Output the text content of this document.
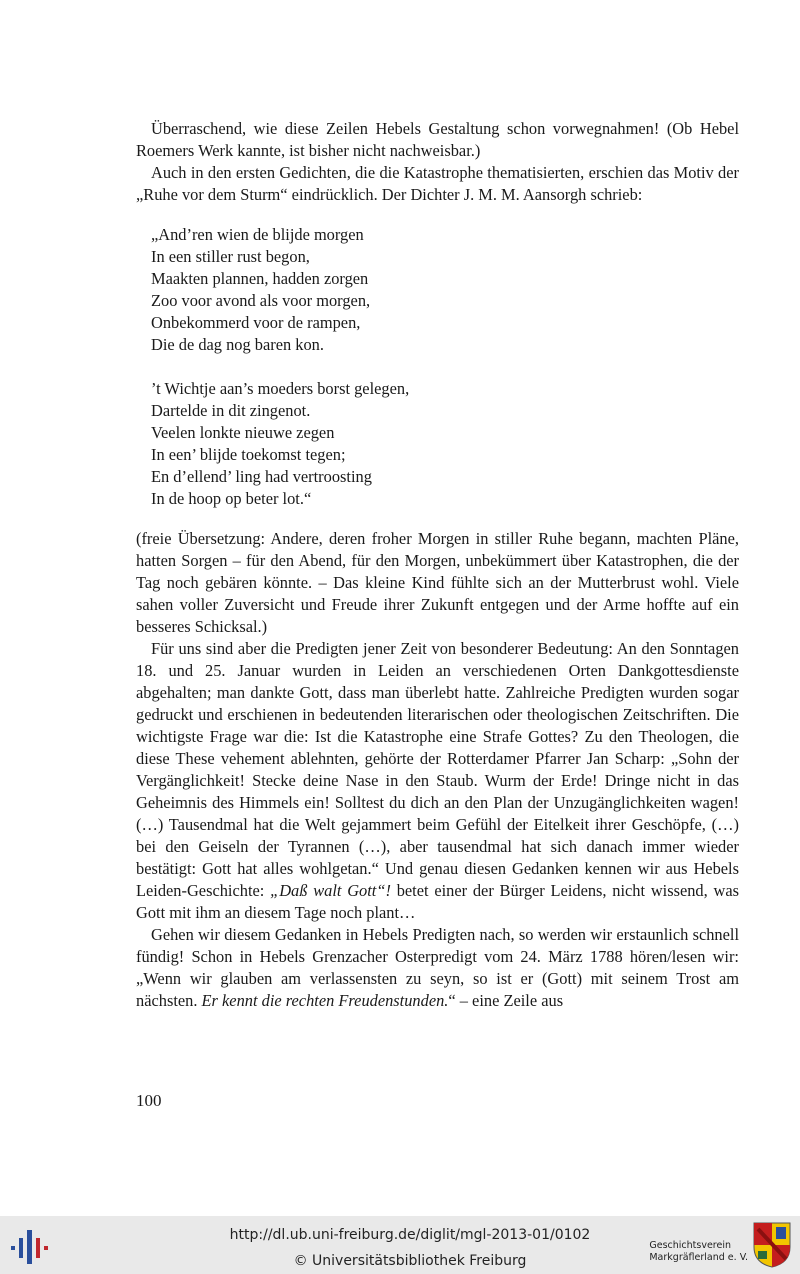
Überraschend, wie diese Zeilen Hebels Gestaltung schon vorwegnahmen! (Ob Hebel Roemers Werk kannte, ist bisher nicht nachweisbar.)

Auch in den ersten Gedichten, die die Katastrophe thematisierten, erschien das Motiv der „Ruhe vor dem Sturm“ eindrücklich. Der Dichter J. M. M. Aansorgh schrieb:

„And’ren wien de blijde morgen
In een stiller rust begon,
Maakten plannen, hadden zorgen
Zoo voor avond als voor morgen,
Onbekommerd voor de rampen,
Die de dag nog baren kon.
’t Wichtje aan’s moeders borst gelegen,
Dartelde in dit zingenot.
Veelen lonkte nieuwe zegen
In een’ blijde toekomst tegen;
En d’ellend’ ling had vertroosting
In de hoop op beter lot.“

(freie Übersetzung: Andere, deren froher Morgen in stiller Ruhe begann, machten Pläne, hatten Sorgen – für den Abend, für den Morgen, unbekümmert über Katastrophen, die der Tag noch gebären könnte. – Das kleine Kind fühlte sich an der Mutterbrust wohl. Viele sahen voller Zuversicht und Freude ihrer Zukunft entgegen und der Arme hoffte auf ein besseres Schicksal.)

Für uns sind aber die Predigten jener Zeit von besonderer Bedeutung: An den Sonntagen 18. und 25. Januar wurden in Leiden an verschiedenen Orten Dankgottesdienste abgehalten; man dankte Gott, dass man überlebt hatte. Zahlreiche Predigten wurden sogar gedruckt und erschienen in bedeutenden literarischen oder theologischen Zeitschriften. Die wichtigste Frage war die: Ist die Katastrophe eine Strafe Gottes? Zu den Theologen, die diese These vehement ablehnten, gehörte der Rotterdamer Pfarrer Jan Scharp: „Sohn der Vergänglichkeit! Stecke deine Nase in den Staub. Wurm der Erde! Dringe nicht in das Geheimnis des Himmels ein! Solltest du dich an den Plan der Unzugänglichkeiten wagen! (…) Tausendmal hat die Welt gejammert beim Gefühl der Eitelkeit ihrer Geschöpfe, (…) bei den Geiseln der Tyrannen (…), aber tausendmal hat sich danach immer wieder bestätigt: Gott hat alles wohlgetan.“ Und genau diesen Gedanken kennen wir aus Hebels Leiden-Geschichte: „Daß walt Gott“! betet einer der Bürger Leidens, nicht wissend, was Gott mit ihm an diesem Tage noch plant…

Gehen wir diesem Gedanken in Hebels Predigten nach, so werden wir erstaunlich schnell fündig! Schon in Hebels Grenzacher Osterpredigt vom 24. März 1788 hören/lesen wir: „Wenn wir glauben am verlassensten zu seyn, so ist er (Gott) mit seinem Trost am nächsten. Er kennt die rechten Freudenstunden.“ – eine Zeile aus

100
http://dl.ub.uni-freiburg.de/diglit/mgl-2013-01/0102
© Universitätsbibliothek Freiburg
Geschichtsverein
Markgräflerland e. V.
